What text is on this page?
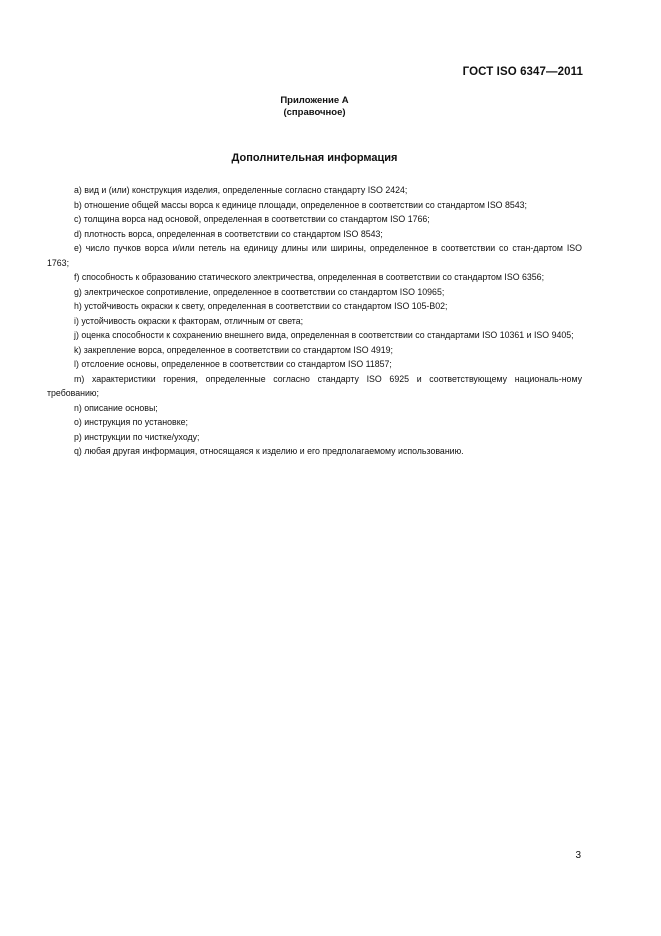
ГОСТ ISO 6347—2011
Приложение А
(справочное)
Дополнительная информация

a) вид и (или) конструкция изделия, определенные согласно стандарту ISO 2424;

b) отношение общей массы ворса к единице площади, определенное в соответствии со стандартом ISO 8543;

c) толщина ворса над основой, определенная в соответствии со стандартом ISO 1766;

d) плотность ворса, определенная в соответствии со стандартом ISO 8543;

e) число пучков ворса и/или петель на единицу длины или ширины, определенное в соответствии со стан-дартом ISO 1763;

f) способность к образованию статического электричества, определенная в соответствии со стандартом ISO 6356;

g) электрическое сопротивление, определенное в соответствии со стандартом ISO 10965;

h) устойчивость окраски к свету, определенная в соответствии со стандартом ISO 105-B02;

i) устойчивость окраски к факторам, отличным от света;

j) оценка способности к сохранению внешнего вида, определенная в соответствии со стандартами ISO 10361 и ISO 9405;

k) закрепление ворса, определенное в соответствии со стандартом ISO 4919;

l) отслоение основы, определенное в соответствии со стандартом ISO 11857;

m) характеристики горения, определенные согласно стандарту ISO 6925 и соответствующему националь-ному требованию;

n) описание основы;

o) инструкция по установке;

p) инструкции по чистке/уходу;

q) любая другая информация, относящаяся к изделию и его предполагаемому использованию.

3
